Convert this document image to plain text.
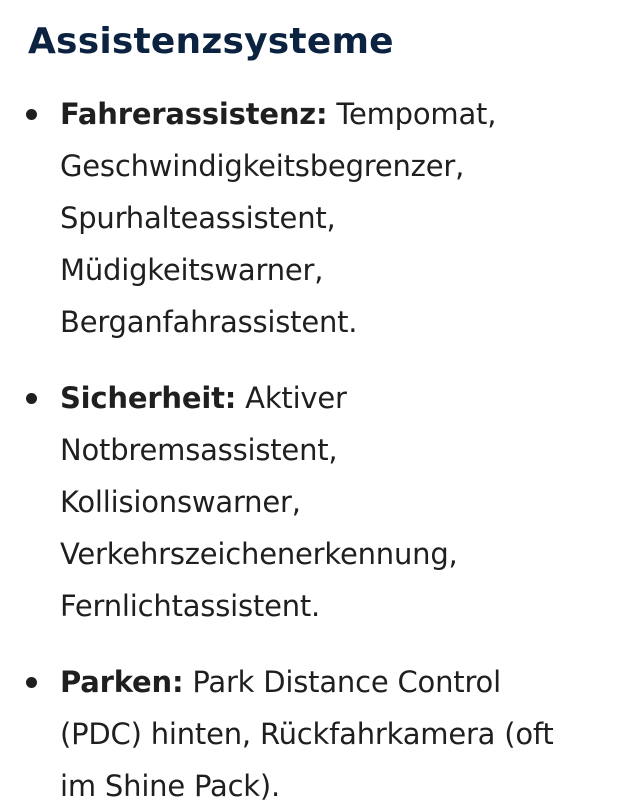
Assistenzsysteme
Fahrerassistenz: Tempomat,
Geschwindigkeitsbegrenzer,
Spurhalteassistent,
Müdigkeitswarner,
Berganfahrassistent.
Sicherheit: Aktiver
Notbremsassistent,
Kollisionswarner,
Verkehrszeichenerkennung,
Fernlichtassistent.
Parken: Park Distance Control
(PDC) hinten, Rückfahrkamera (oft
im Shine Pack).
